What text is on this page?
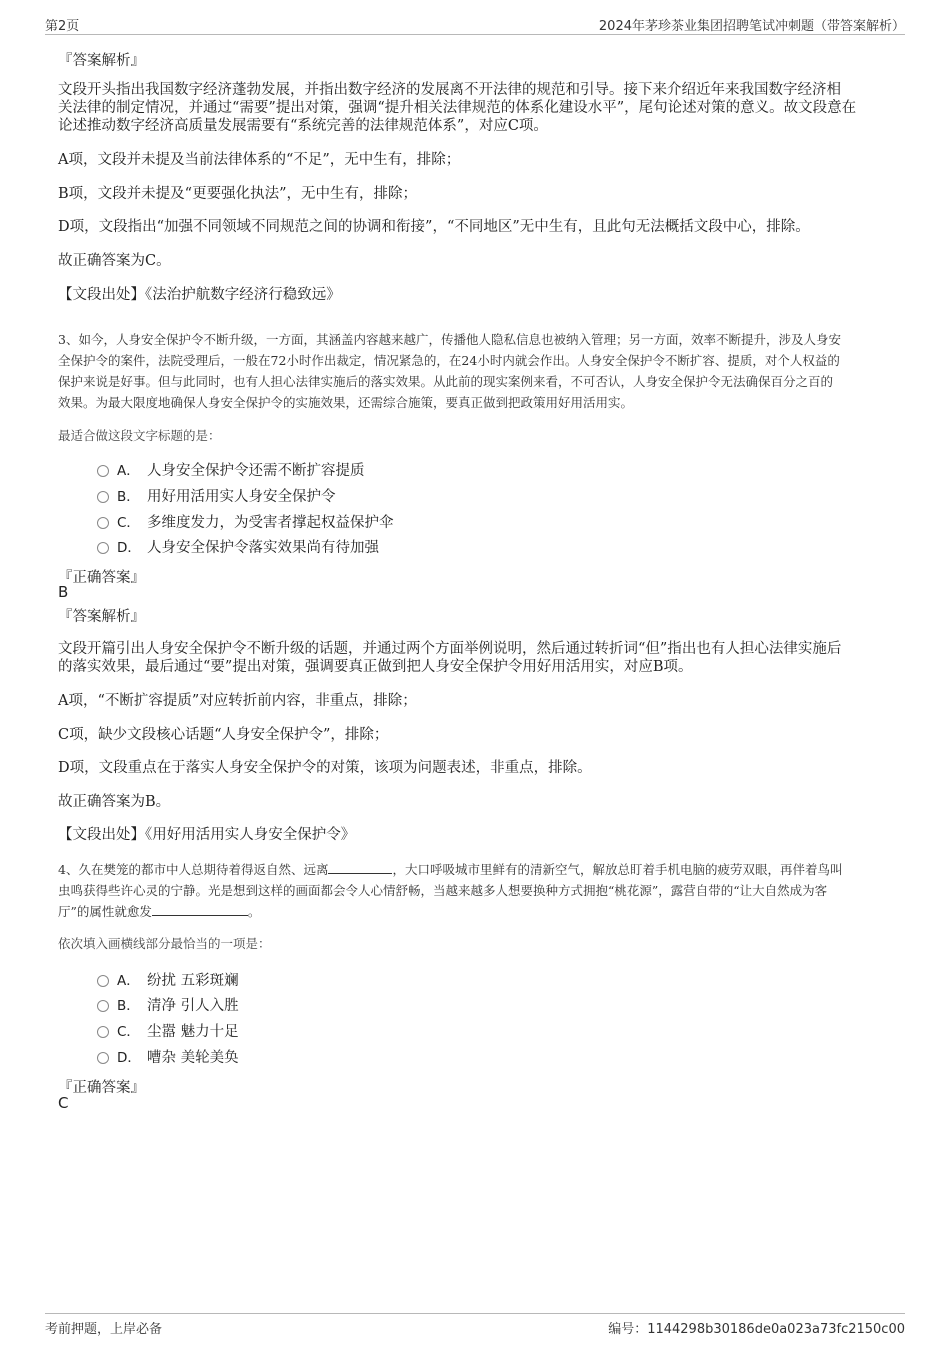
第2页	2024年茅珍茶业集团招聘笔试冲刺题（带答案解析）
『答案解析』
文段开头指出我国数字经济蓬勃发展，并指出数字经济的发展离不开法律的规范和引导。接下来介绍近年来我国数字经济相
关法律的制定情况，并通过“需要”提出对策，强调“提升相关法律规范的体系化建设水平”，尾句论述对策的意义。故文段意在
论述推动数字经济高质量发展需要有“系统完善的法律规范体系”，对应C项。
A项，文段并未提及当前法律体系的“不足”，无中生有，排除；
B项，文段并未提及“更要强化执法”，无中生有，排除；
D项，文段指出“加强不同领域不同规范之间的协调和衔接”，“不同地区”无中生有，且此句无法概括文段中心，排除。
故正确答案为C。
【文段出处】《法治护航数字经济行稳致远》
3、如今，人身安全保护令不断升级，一方面，其涵盖内容越来越广，传播他人隐私信息也被纳入管理；另一方面，效率不断提升，涉及人身安
全保护令的案件，法院受理后，一般在72小时作出裁定，情况紧急的，在24小时内就会作出。人身安全保护令不断扩容、提质，对个人权益的
保护来说是好事。但与此同时，也有人担心法律实施后的落实效果。从此前的现实案例来看，不可否认，人身安全保护令无法确保百分之百的
效果。为最大限度地确保人身安全保护令的实施效果，还需综合施策，要真正做到把政策用好用活用实。
最适合做这段文字标题的是：
A． 人身安全保护令还需不断扩容提质
B． 用好用活用实人身安全保护令
C． 多维度发力，为受害者撑起权益保护伞
D． 人身安全保护令落实效果尚有待加强
『正确答案』
B
『答案解析』
文段开篇引出人身安全保护令不断升级的话题，并通过两个方面举例说明，然后通过转折词“但”指出也有人担心法律实施后
的落实效果，最后通过“要”提出对策，强调要真正做到把人身安全保护令用好用活用实，对应B项。
A项，“不断扩容提质”对应转折前内容，非重点，排除；
C项，缺少文段核心话题“人身安全保护令”，排除；
D项，文段重点在于落实人身安全保护令的对策，该项为问题表述，非重点，排除。
故正确答案为B。
【文段出处】《用好用活用实人身安全保护令》
4、久在樊笼的都市中人总期待着得返自然、远离	，大口呼吸城市里鲜有的清新空气，解放总盯着手机电脑的疲劳双眼，再伴着鸟叫
虫鸣获得些许心灵的宁静。光是想到这样的画面都会令人心情舒畅，当越来越多人想要换种方式拥抱“桃花源”，露营自带的“让大自然成为客
厅”的属性就愈发	。
依次填入画横线部分最恰当的一项是：
A． 纷扰 五彩斑斓
B． 清净 引人入胜
C． 尘嚣 魅力十足
D． 嘈杂 美轮美奂
『正确答案』
C
考前押题，上岸必备	编号：1144298b30186de0a023a73fc2150c00
